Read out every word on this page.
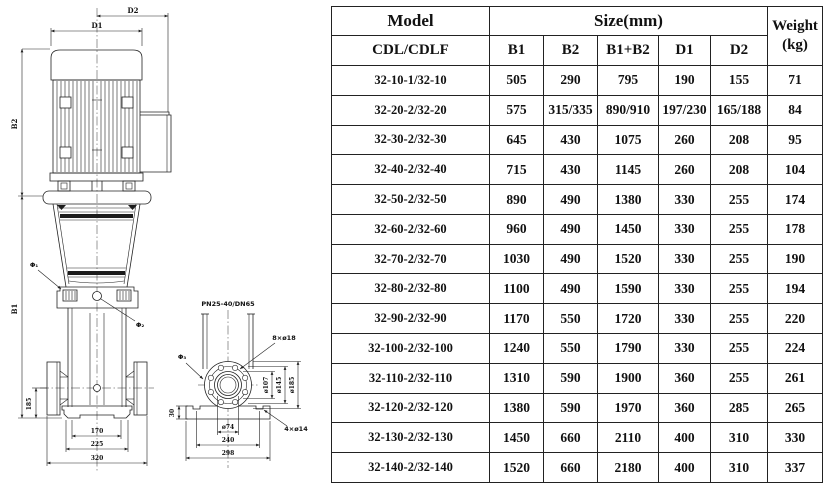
D2
D1
B2
B1
185
170
225
320
Φ₁
Φ₂
PN25-40/DN65
8×ø18
Φ₃
4×ø14
ø107 ø145 ø185
30
ø74
240
298
Model	Size(mm)					Weight
(kg)
CDL/CDLF	B1	B2	B1+B2	D1	D2	
32-10-1/32-10	505	290	795	190	155	71
32-20-2/32-20	575	315/335	890/910	197/230	165/188	84
32-30-2/32-30	645	430	1075	260	208	95
32-40-2/32-40	715	430	1145	260	208	104
32-50-2/32-50	890	490	1380	330	255	174
32-60-2/32-60	960	490	1450	330	255	178
32-70-2/32-70	1030	490	1520	330	255	190
32-80-2/32-80	1100	490	1590	330	255	194
32-90-2/32-90	1170	550	1720	330	255	220
32-100-2/32-100	1240	550	1790	330	255	224
32-110-2/32-110	1310	590	1900	360	255	261
32-120-2/32-120	1380	590	1970	360	285	265
32-130-2/32-130	1450	660	2110	400	310	330
32-140-2/32-140	1520	660	2180	400	310	337
